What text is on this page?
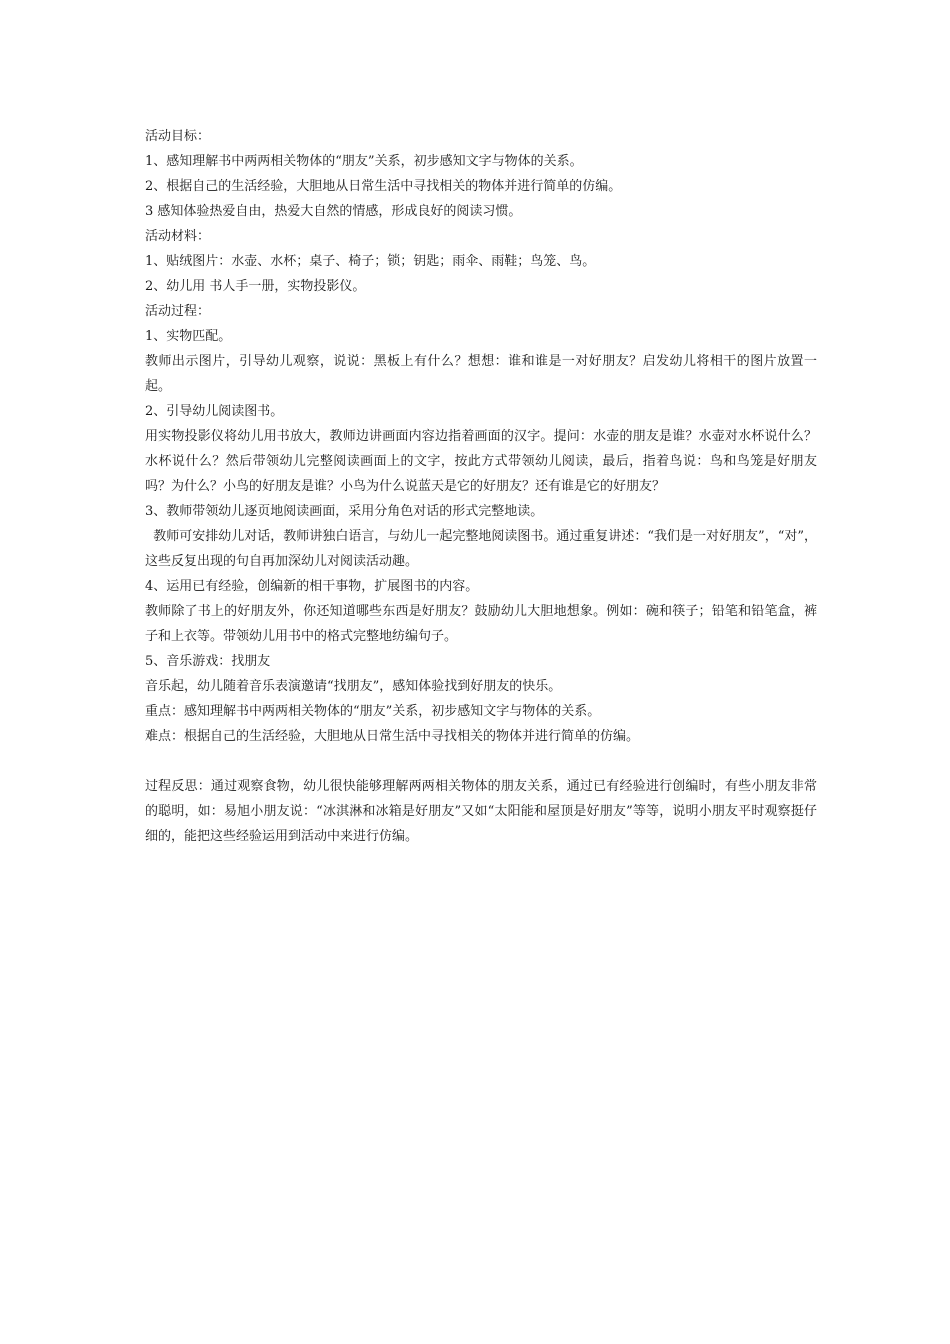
活动目标：

1、感知理解书中两两相关物体的“朋友”关系，初步感知文字与物体的关系。

2、根据自己的生活经验，大胆地从日常生活中寻找相关的物体并进行简单的仿编。

3 感知体验热爱自由，热爱大自然的情感，形成良好的阅读习惯。

活动材料：

1、贴绒图片：水壶、水杯；桌子、椅子；锁；钥匙；雨伞、雨鞋；鸟笼、鸟。

2、幼儿用 书人手一册，实物投影仪。

活动过程：

1、实物匹配。

教师出示图片，引导幼儿观察，说说：黑板上有什么？想想：谁和谁是一对好朋友？启发幼儿将相干的图片放置一起。

2、引导幼儿阅读图书。

用实物投影仪将幼儿用书放大，教师边讲画面内容边指着画面的汉字。提问：水壶的朋友是谁？水壶对水杯说什么？水杯说什么？然后带领幼儿完整阅读画面上的文字，按此方式带领幼儿阅读，最后，指着鸟说：鸟和鸟笼是好朋友吗？为什么？小鸟的好朋友是谁？小鸟为什么说蓝天是它的好朋友？还有谁是它的好朋友？

3、教师带领幼儿逐页地阅读画面，采用分角色对话的形式完整地读。

教师可安排幼儿对话，教师讲独白语言，与幼儿一起完整地阅读图书。通过重复讲述：“我们是一对好朋友”，“对”，这些反复出现的句自再加深幼儿对阅读活动趣。

4、运用已有经验，创编新的相干事物，扩展图书的内容。

教师除了书上的好朋友外，你还知道哪些东西是好朋友？鼓励幼儿大胆地想象。例如：碗和筷子；铅笔和铅笔盒，裤子和上衣等。带领幼儿用书中的格式完整地纺编句子。

5、音乐游戏：找朋友

音乐起，幼儿随着音乐表演邀请“找朋友”，感知体验找到好朋友的快乐。

重点：感知理解书中两两相关物体的“朋友”关系，初步感知文字与物体的关系。

难点：根据自己的生活经验，大胆地从日常生活中寻找相关的物体并进行简单的仿编。

过程反思：通过观察食物，幼儿很快能够理解两两相关物体的朋友关系，通过已有经验进行创编时，有些小朋友非常的聪明，如：易旭小朋友说：“冰淇淋和冰箱是好朋友”又如“太阳能和屋顶是好朋友”等等，说明小朋友平时观察挺仔细的，能把这些经验运用到活动中来进行仿编。
